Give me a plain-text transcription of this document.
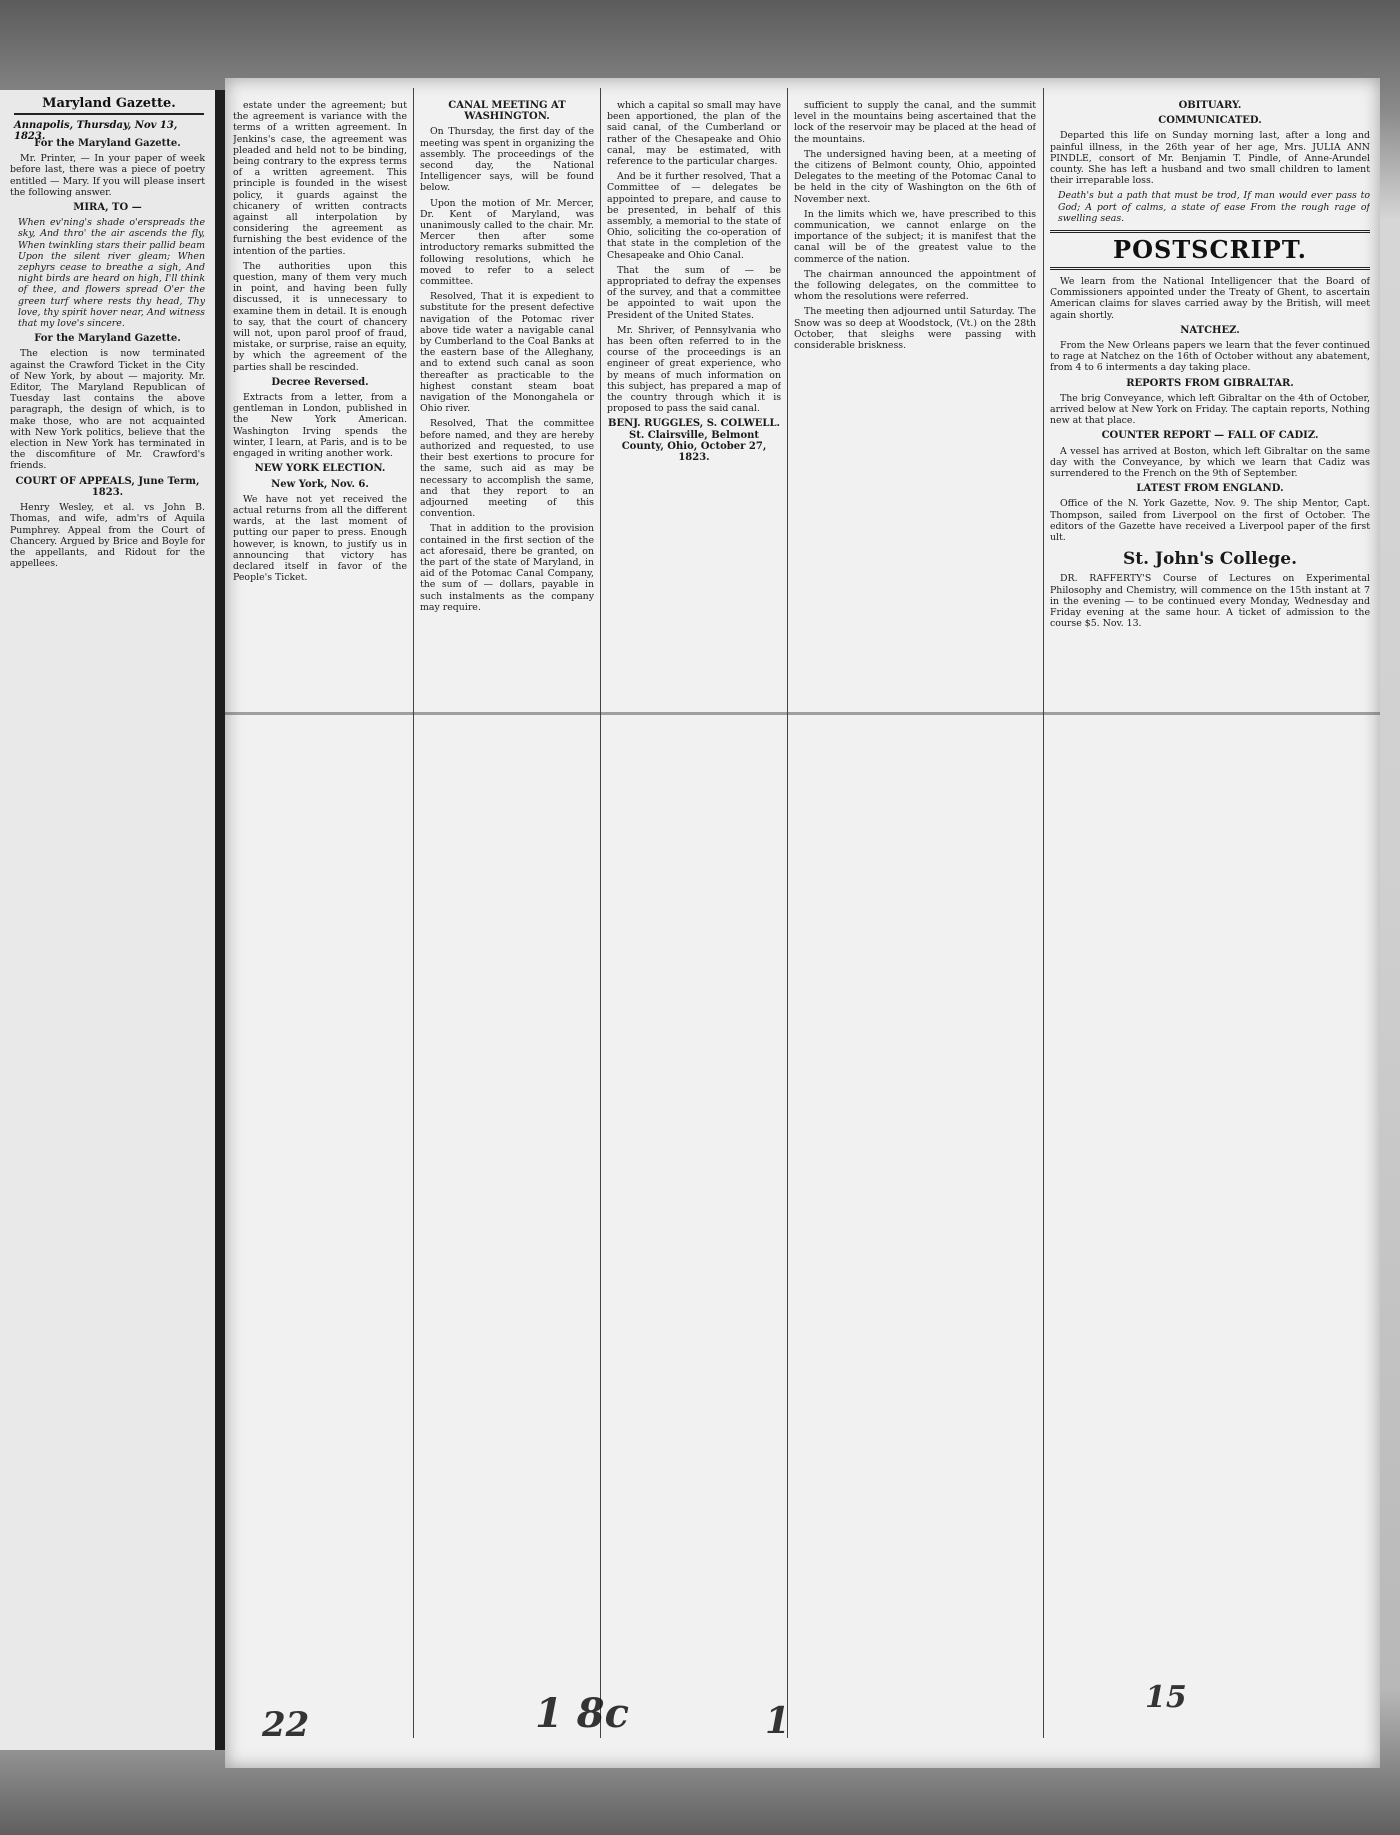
Maryland Gazette.
Annapolis, Thursday, Nov 13, 1823.

For the Maryland Gazette.

Mr. Printer, — In your paper of week before last, there was a piece of poetry entitled — Mary. If you will please insert the following answer.

MIRA, TO —

When ev'ning's shade o'erspreads the sky, And thro' the air ascends the fly, When twinkling stars their pallid beam Upon the silent river gleam; When zephyrs cease to breathe a sigh, And night birds are heard on high, I'll think of thee, and flowers spread O'er the green turf where rests thy head, Thy love, thy spirit hover near, And witness that my love's sincere.

For the Maryland Gazette.

The election is now terminated against the Crawford Ticket in the City of New York, by about — majority. Mr. Editor, The Maryland Republican of Tuesday last contains the above paragraph, the design of which, is to make those, who are not acquainted with New York politics, believe that the election in New York has terminated in the discomfiture of Mr. Crawford's friends.

COURT OF APPEALS, June Term, 1823.

Henry Wesley, et al. vs John B. Thomas, and wife, adm'rs of Aquila Pumphrey. Appeal from the Court of Chancery. Argued by Brice and Boyle for the appellants, and Ridout for the appellees.

estate under the agreement; but the agreement is variance with the terms of a written agreement. In Jenkins's case, the agreement was pleaded and held not to be binding, being contrary to the express terms of a written agreement. This principle is founded in the wisest policy, it guards against the chicanery of written contracts against all interpolation by considering the agreement as furnishing the best evidence of the intention of the parties.

The authorities upon this question, many of them very much in point, and having been fully discussed, it is unnecessary to examine them in detail. It is enough to say, that the court of chancery will not, upon parol proof of fraud, mistake, or surprise, raise an equity, by which the agreement of the parties shall be rescinded.

Decree Reversed.

Extracts from a letter, from a gentleman in London, published in the New York American. Washington Irving spends the winter, I learn, at Paris, and is to be engaged in writing another work.

NEW YORK ELECTION.

New York, Nov. 6.

We have not yet received the actual returns from all the different wards, at the last moment of putting our paper to press. Enough however, is known, to justify us in announcing that victory has declared itself in favor of the People's Ticket.

CANAL MEETING AT WASHINGTON.

On Thursday, the first day of the meeting was spent in organizing the assembly. The proceedings of the second day, the National Intelligencer says, will be found below.

Upon the motion of Mr. Mercer, Dr. Kent of Maryland, was unanimously called to the chair. Mr. Mercer then after some introductory remarks submitted the following resolutions, which he moved to refer to a select committee.

Resolved, That it is expedient to substitute for the present defective navigation of the Potomac river above tide water a navigable canal by Cumberland to the Coal Banks at the eastern base of the Alleghany, and to extend such canal as soon thereafter as practicable to the highest constant steam boat navigation of the Monongahela or Ohio river.

Resolved, That the committee before named, and they are hereby authorized and requested, to use their best exertions to procure for the same, such aid as may be necessary to accomplish the same, and that they report to an adjourned meeting of this convention.

That in addition to the provision contained in the first section of the act aforesaid, there be granted, on the part of the state of Maryland, in aid of the Potomac Canal Company, the sum of — dollars, payable in such instalments as the company may require.

which a capital so small may have been apportioned, the plan of the said canal, of the Cumberland or rather of the Chesapeake and Ohio canal, may be estimated, with reference to the particular charges.

And be it further resolved, That a Committee of — delegates be appointed to prepare, and cause to be presented, in behalf of this assembly, a memorial to the state of Ohio, soliciting the co-operation of that state in the completion of the Chesapeake and Ohio Canal.

That the sum of — be appropriated to defray the expenses of the survey, and that a committee be appointed to wait upon the President of the United States.

Mr. Shriver, of Pennsylvania who has been often referred to in the course of the proceedings is an engineer of great experience, who by means of much information on this subject, has prepared a map of the country through which it is proposed to pass the said canal.

BENJ. RUGGLES, S. COLWELL. St. Clairsville, Belmont County, Ohio, October 27, 1823.

sufficient to supply the canal, and the summit level in the mountains being ascertained that the lock of the reservoir may be placed at the head of the mountains.

The undersigned having been, at a meeting of the citizens of Belmont county, Ohio, appointed Delegates to the meeting of the Potomac Canal to be held in the city of Washington on the 6th of November next.

In the limits which we, have prescribed to this communication, we cannot enlarge on the importance of the subject; it is manifest that the canal will be of the greatest value to the commerce of the nation.

The chairman announced the appointment of the following delegates, on the committee to whom the resolutions were referred.

The meeting then adjourned until Saturday. The Snow was so deep at Woodstock, (Vt.) on the 28th October, that sleighs were passing with considerable briskness.

OBITUARY.

COMMUNICATED.

Departed this life on Sunday morning last, after a long and painful illness, in the 26th year of her age, Mrs. JULIA ANN PINDLE, consort of Mr. Benjamin T. Pindle, of Anne-Arundel county. She has left a husband and two small children to lament their irreparable loss.

Death's but a path that must be trod, If man would ever pass to God; A port of calms, a state of ease From the rough rage of swelling seas.

POSTSCRIPT.

We learn from the National Intelligencer that the Board of Commissioners appointed under the Treaty of Ghent, to ascertain American claims for slaves carried away by the British, will meet again shortly.

NATCHEZ.

From the New Orleans papers we learn that the fever continued to rage at Natchez on the 16th of October without any abatement, from 4 to 6 interments a day taking place.

REPORTS FROM GIBRALTAR.

The brig Conveyance, which left Gibraltar on the 4th of October, arrived below at New York on Friday. The captain reports, Nothing new at that place.

COUNTER REPORT — FALL OF CADIZ.

A vessel has arrived at Boston, which left Gibraltar on the same day with the Conveyance, by which we learn that Cadiz was surrendered to the French on the 9th of September.

LATEST FROM ENGLAND.

Office of the N. York Gazette, Nov. 9. The ship Mentor, Capt. Thompson, sailed from Liverpool on the first of October. The editors of the Gazette have received a Liverpool paper of the first ult.

St. John's College.

DR. RAFFERTY'S Course of Lectures on Experimental Philosophy and Chemistry, will commence on the 15th instant at 7 in the evening — to be continued every Monday, Wednesday and Friday evening at the same hour. A ticket of admission to the course $5. Nov. 13.

22	1 8c	1
15
